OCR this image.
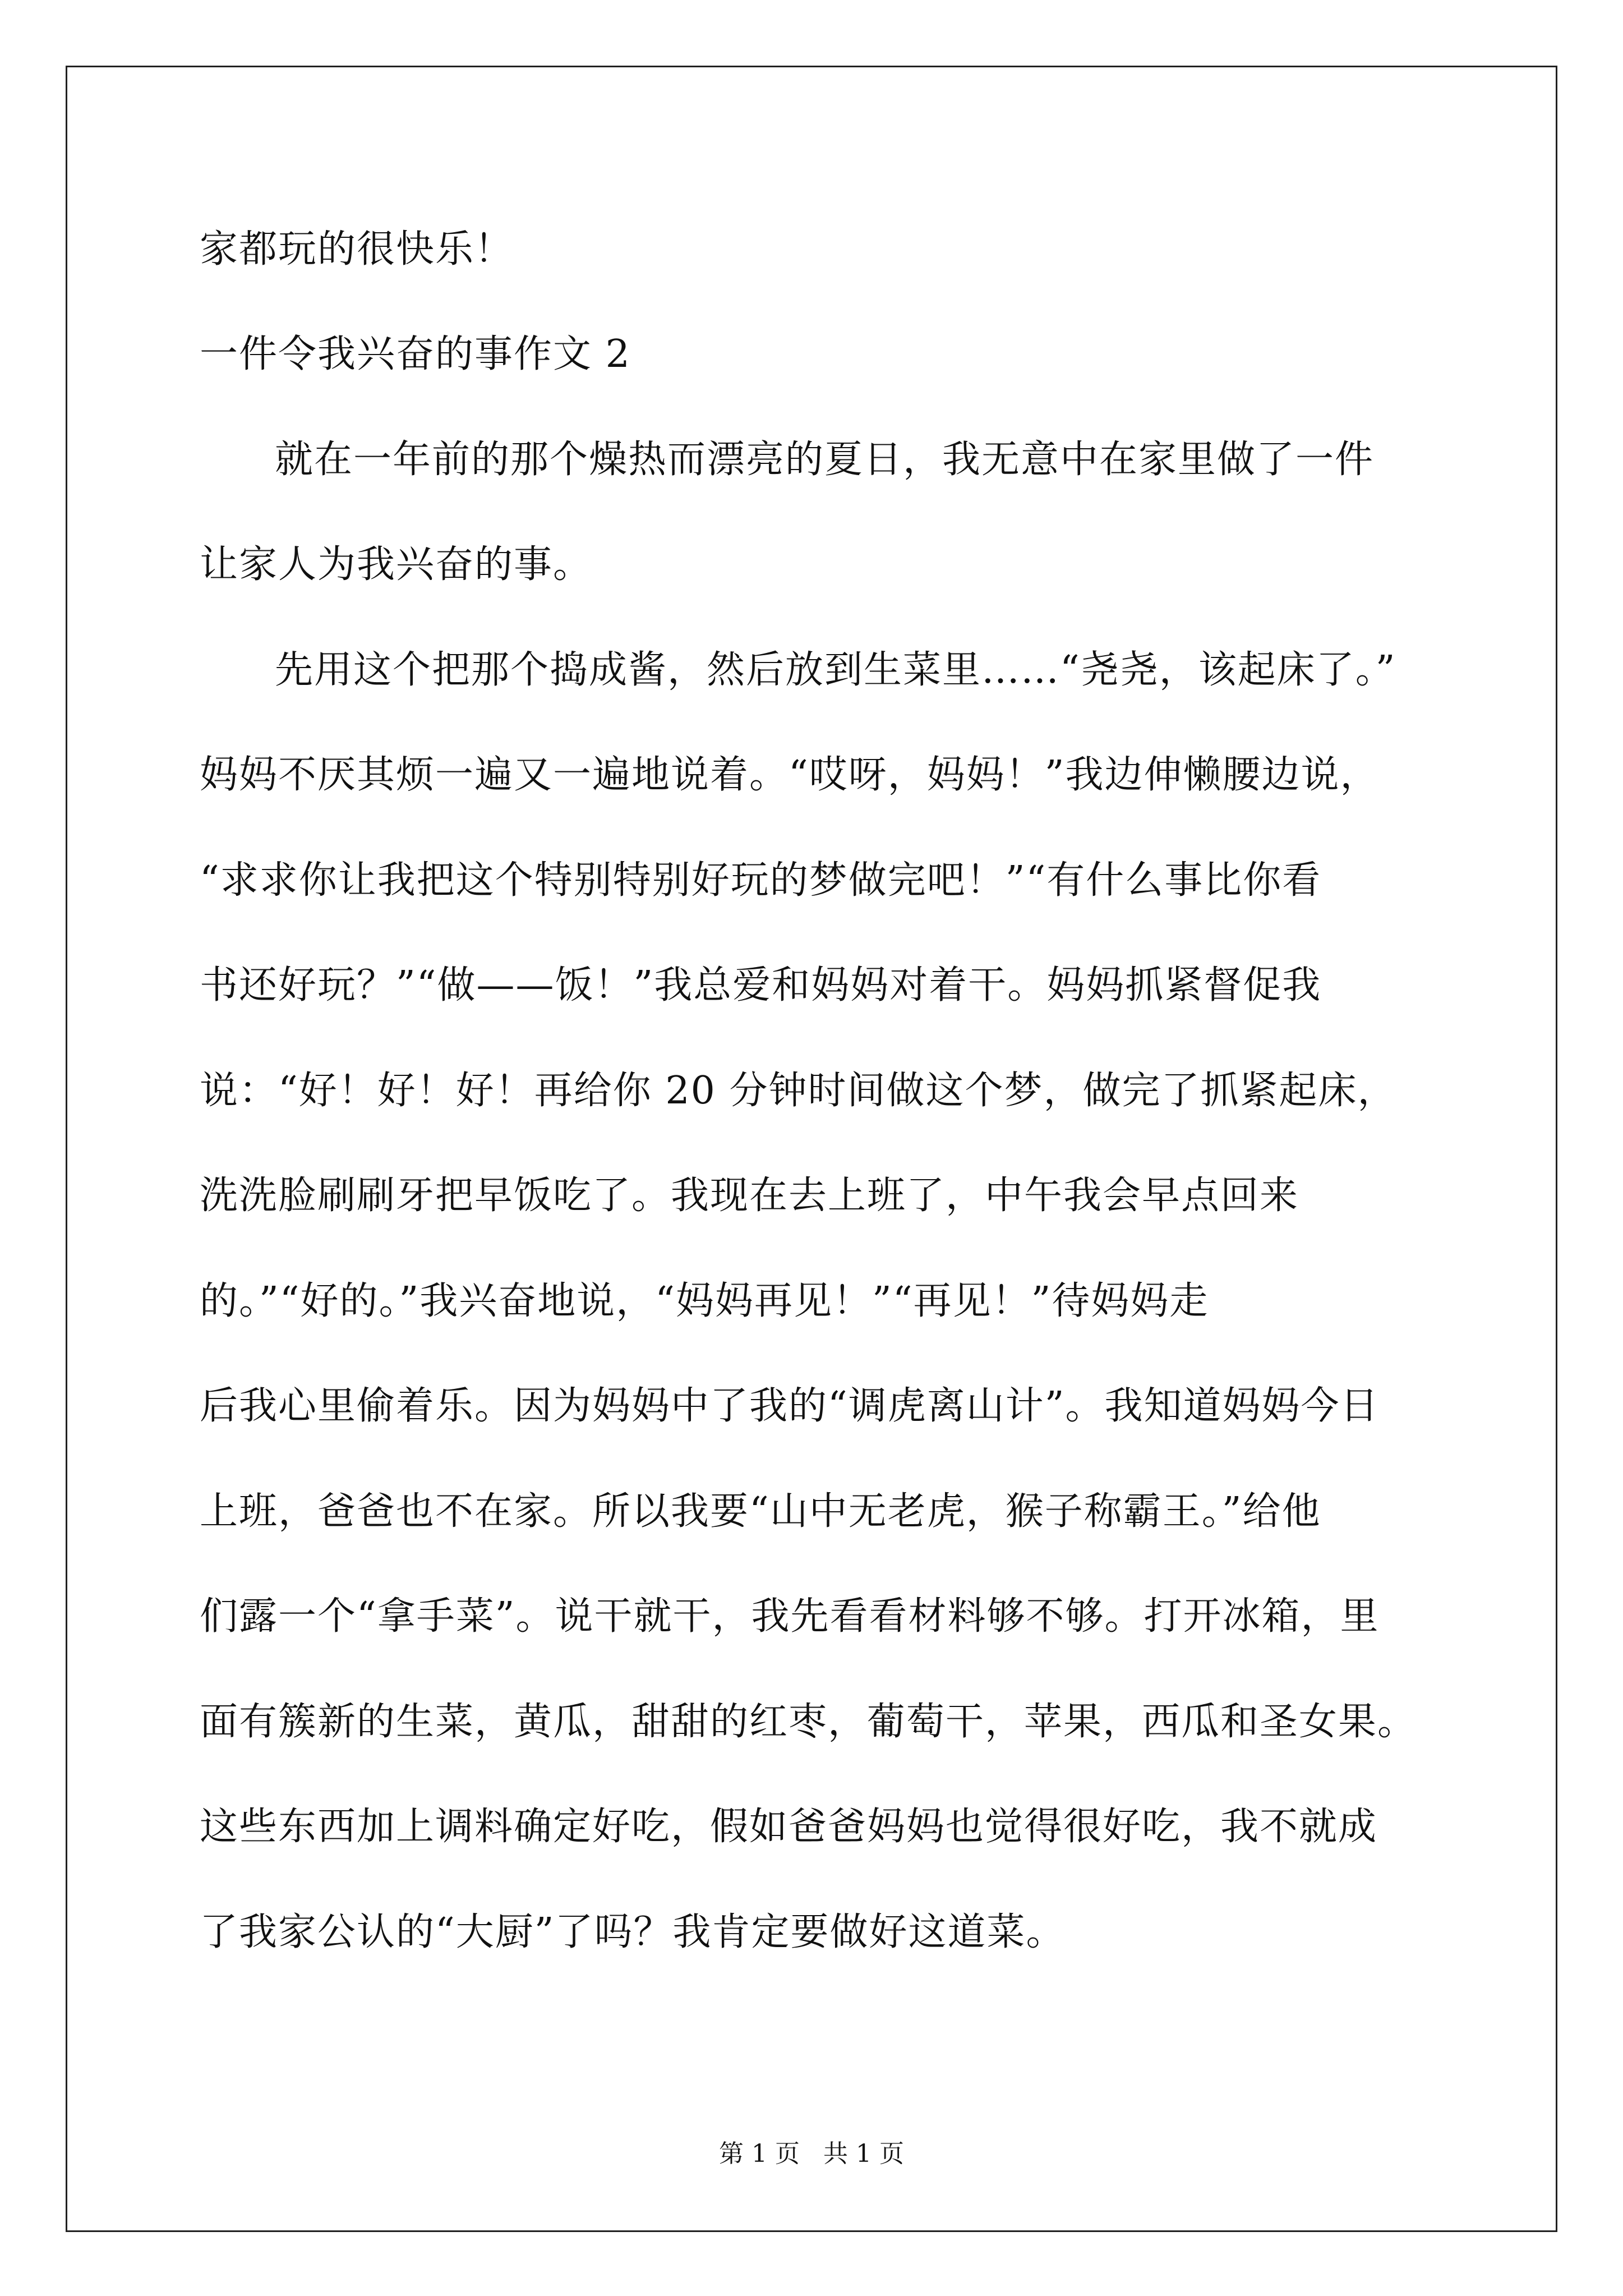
家都玩的很快乐！
一件令我兴奋的事作文 2
就在一年前的那个燥热而漂亮的夏日，我无意中在家里做了一件
让家人为我兴奋的事。
先用这个把那个捣成酱，然后放到生菜里……“尧尧，该起床了。”
妈妈不厌其烦一遍又一遍地说着。“哎呀，妈妈！”我边伸懒腰边说，
“求求你让我把这个特别特别好玩的梦做完吧！”“有什么事比你看
书还好玩？”“做——饭！”我总爱和妈妈对着干。妈妈抓紧督促我
说：“好！好！好！再给你 20 分钟时间做这个梦，做完了抓紧起床，
洗洗脸刷刷牙把早饭吃了。我现在去上班了，中午我会早点回来
的。”“好的。”我兴奋地说，“妈妈再见！”“再见！”待妈妈走
后我心里偷着乐。因为妈妈中了我的“调虎离山计”。我知道妈妈今日
上班，爸爸也不在家。所以我要“山中无老虎，猴子称霸王。”给他
们露一个“拿手菜”。说干就干，我先看看材料够不够。打开冰箱，里
面有簇新的生菜，黄瓜，甜甜的红枣，葡萄干，苹果，西瓜和圣女果。
这些东西加上调料确定好吃，假如爸爸妈妈也觉得很好吃，我不就成
了我家公认的“大厨”了吗？我肯定要做好这道菜。
第 1 页   共 1 页
